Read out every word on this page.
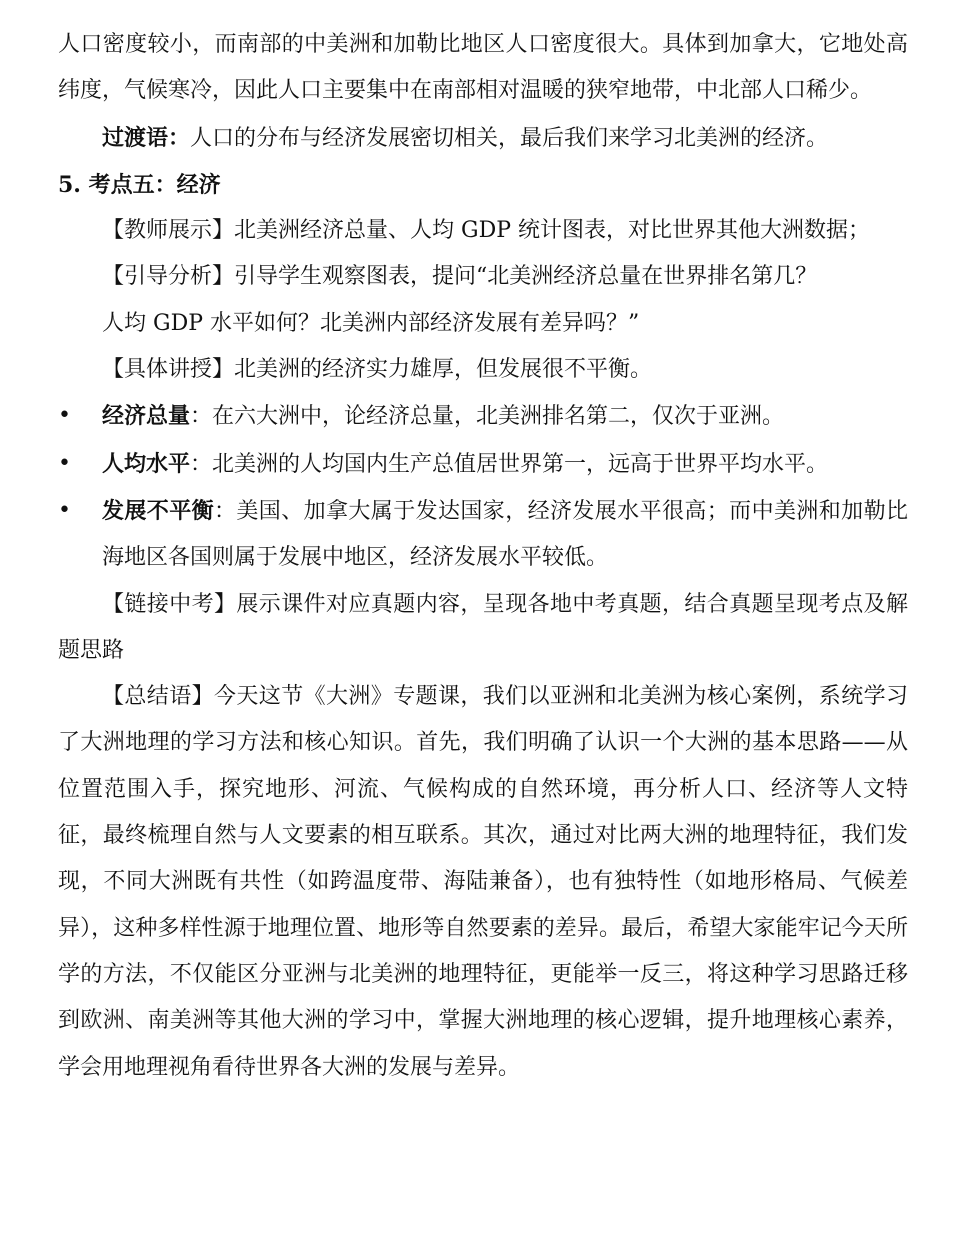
人口密度较小，而南部的中美洲和加勒比地区人口密度很大。具体到加拿大，它地处高纬度，气候寒冷，因此人口主要集中在南部相对温暖的狭窄地带，中北部人口稀少。

过渡语：人口的分布与经济发展密切相关，最后我们来学习北美洲的经济。

5. 考点五：经济

【教师展示】北美洲经济总量、人均 GDP 统计图表，对比世界其他大洲数据；

【引导分析】引导学生观察图表，提问“北美洲经济总量在世界排名第几？

人均 GDP 水平如何？北美洲内部经济发展有差异吗？”

【具体讲授】北美洲的经济实力雄厚，但发展很不平衡。

•	经济总量：在六大洲中，论经济总量，北美洲排名第二，仅次于亚洲。
•	人均水平：北美洲的人均国内生产总值居世界第一，远高于世界平均水平。
•	发展不平衡：美国、加拿大属于发达国家，经济发展水平很高；而中美洲和加勒比海地区各国则属于发展中地区，经济发展水平较低。

【链接中考】展示课件对应真题内容，呈现各地中考真题，结合真题呈现考点及解题思路

【总结语】今天这节《大洲》专题课，我们以亚洲和北美洲为核心案例，系统学习了大洲地理的学习方法和核心知识。首先，我们明确了认识一个大洲的基本思路——从位置范围入手，探究地形、河流、气候构成的自然环境，再分析人口、经济等人文特征，最终梳理自然与人文要素的相互联系。其次，通过对比两大洲的地理特征，我们发现，不同大洲既有共性（如跨温度带、海陆兼备），也有独特性（如地形格局、气候差异），这种多样性源于地理位置、地形等自然要素的差异。最后，希望大家能牢记今天所学的方法，不仅能区分亚洲与北美洲的地理特征，更能举一反三，将这种学习思路迁移到欧洲、南美洲等其他大洲的学习中，掌握大洲地理的核心逻辑，提升地理核心素养，学会用地理视角看待世界各大洲的发展与差异。
